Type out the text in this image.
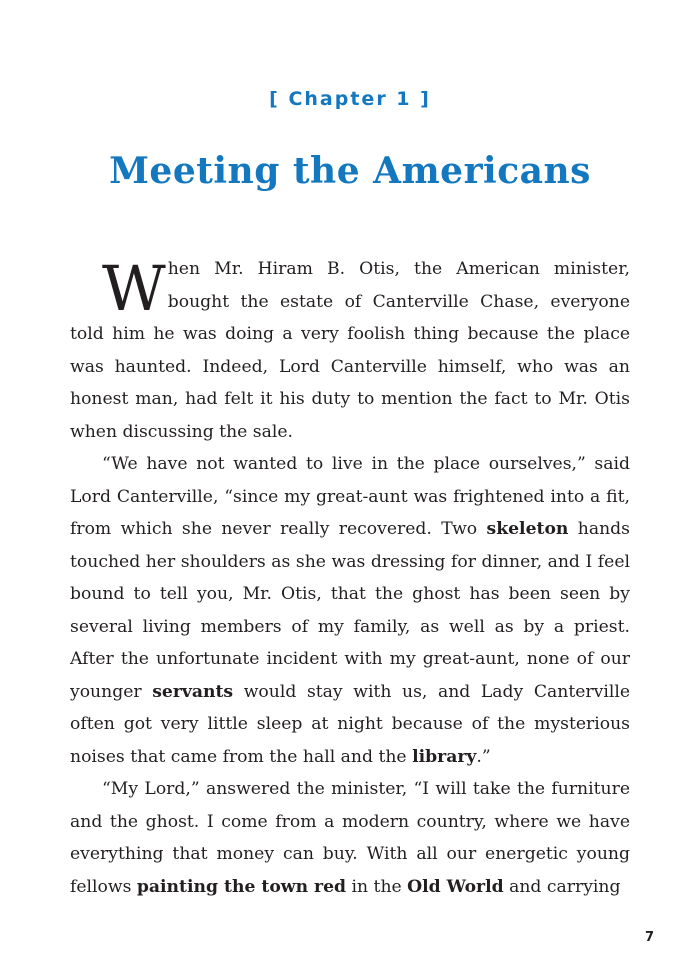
[ Chapter 1 ]
Meeting the Americans

When Mr. Hiram B. Otis, the American minister, bought the estate of Canterville Chase, everyone told him he was doing a very foolish thing because the place was haunted. Indeed, Lord Canterville himself, who was an honest man, had felt it his duty to mention the fact to Mr. Otis when discussing the sale.

“We have not wanted to live in the place ourselves,” said Lord Canterville, “since my great-aunt was frightened into a fit, from which she never really recovered. Two skeleton hands touched her shoulders as she was dressing for dinner, and I feel bound to tell you, Mr. Otis, that the ghost has been seen by several living members of my family, as well as by a priest. After the unfortunate incident with my great-aunt, none of our younger servants would stay with us, and Lady Canterville often got very little sleep at night because of the mysterious noises that came from the hall and the library.”

“My Lord,” answered the minister, “I will take the furniture and the ghost. I come from a modern country, where we have everything that money can buy. With all our energetic young fellows painting the town red in the Old World and carrying

7
